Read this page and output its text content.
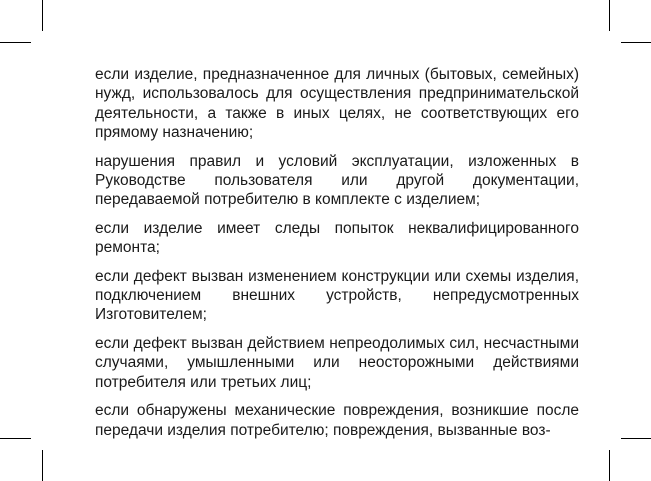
если изделие, предназначенное для личных (бытовых, семейных) нужд, использовалось для осуществления предпринимательской деятельности, а также в иных целях, не соответствующих его прямому назначению;

нарушения правил и условий эксплуатации, изложенных в Руководстве пользователя или другой документации, передаваемой потребителю в комплекте с изделием;

если изделие имеет следы попыток неквалифицированного ремонта;

если дефект вызван изменением конструкции или схемы изделия, подключением внешних устройств, непредусмотренных Изготовителем;

если дефект вызван действием непреодолимых сил, несчастными случаями, умышленными или неосторожными действиями потребителя или третьих лиц;

если обнаружены механические повреждения, возникшие после передачи изделия потребителю; повреждения, вызванные воз-
